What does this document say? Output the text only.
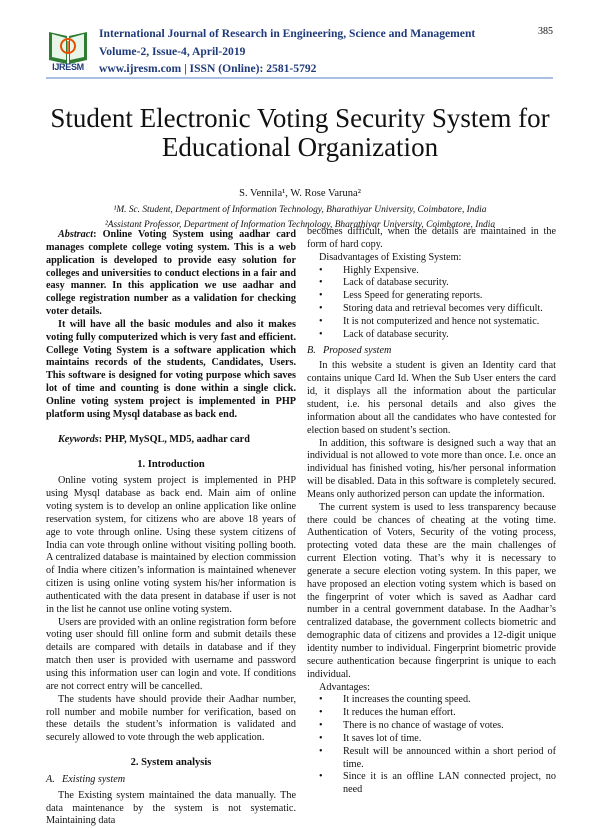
IJRESM
International Journal of Research in Engineering, Science and Management
Volume-2, Issue-4, April-2019
www.ijresm.com | ISSN (Online): 2581-5792
385
Student Electronic Voting Security System for
Educational Organization
S. Vennila¹, W. Rose Varuna²
¹M. Sc. Student, Department of Information Technology, Bharathiyar University, Coimbatore, India
²Assistant Professor, Department of Information Technology, Bharathiyar University, Coimbatore, India

Abstract: Online Voting System using aadhar card manages complete college voting system. This is a web application is developed to provide easy solution for colleges and universities to conduct elections in a fair and easy manner. In this application we use aadhar and college registration number as a validation for checking voter details.

It will have all the basic modules and also it makes voting fully computerized which is very fast and efficient. College Voting System is a software application which maintains records of the students, Candidates, Users. This software is designed for voting purpose which saves lot of time and counting is done within a single click. Online voting system project is implemented in PHP platform using Mysql database as back end.

Keywords: PHP, MySQL, MD5, aadhar card

1. Introduction

Online voting system project is implemented in PHP using Mysql database as back end. Main aim of online voting system is to develop an online application like online reservation system, for citizens who are above 18 years of age to vote through online. Using these system citizens of India can vote through online without visiting polling booth. A centralized database is maintained by election commission of India where citizen’s information is maintained whenever citizen is using online voting system his/her information is authenticated with the data present in database if user is not in the list he cannot use online voting system.

Users are provided with an online registration form before voting user should fill online form and submit details these details are compared with details in database and if they match then user is provided with username and password using this information user can login and vote. If conditions are not correct entry will be cancelled.

The students have should provide their Aadhar number, roll number and mobile number for verification, based on these details the student’s information is validated and securely allowed to vote through the web application.

2. System analysis
A. Existing system

The Existing system maintained the data manually. The data maintenance by the system is not systematic. Maintaining data

becomes difficult, when the details are maintained in the form of hard copy.

Disadvantages of Existing System:

• Highly Expensive.
• Lack of database security.
• Less Speed for generating reports.
• Storing data and retrieval becomes very difficult.
• It is not computerized and hence not systematic.
• Lack of database security.
B. Proposed system

In this website a student is given an Identity card that contains unique Card Id. When the Sub User enters the card id, it displays all the information about the particular student, i.e. his personal details and also gives the information about all the candidates who have contested for election based on student’s section.

In addition, this software is designed such a way that an individual is not allowed to vote more than once. I.e. once an individual has finished voting, his/her personal information will be disabled. Data in this software is completely secured. Means only authorized person can update the information.

The current system is used to less transparency because there could be chances of cheating at the voting time. Authentication of Voters, Security of the voting process, protecting voted data these are the main challenges of current Election voting. That’s why it is necessary to generate a secure election voting system. In this paper, we have proposed an election voting system which is based on the fingerprint of voter which is saved as Aadhar card number in a central government database. In the Aadhar’s centralized database, the government collects biometric and demographic data of citizens and provides a 12-digit unique identity number to individual. Fingerprint biometric provide secure authentication because fingerprint is unique to each individual.

Advantages:

• It increases the counting speed.
• It reduces the human effort.
• There is no chance of wastage of votes.
• It saves lot of time.
• Result will be announced within a short period of time.
• Since it is an offline LAN connected project, no need
